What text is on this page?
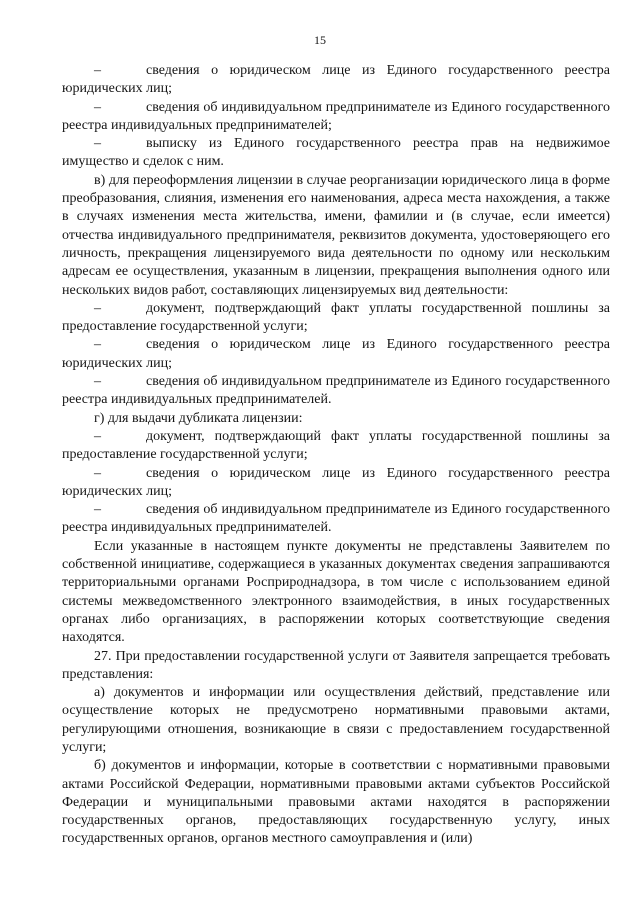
15

–	сведения о юридическом лице из Единого государственного реестра юридических лиц;

–	сведения об индивидуальном предпринимателе из Единого государственного реестра индивидуальных предпринимателей;

–	выписку из Единого государственного реестра прав на недвижимое имущество и сделок с ним.

в) для переоформления лицензии в случае реорганизации юридического лица в форме преобразования, слияния, изменения его наименования, адреса места нахождения, а также в случаях изменения места жительства, имени, фамилии и (в случае, если имеется) отчества индивидуального предпринимателя, реквизитов документа, удостоверяющего его личность, прекращения лицензируемого вида деятельности по одному или нескольким адресам ее осуществления, указанным в лицензии, прекращения выполнения одного или нескольких видов работ, составляющих лицензируемых вид деятельности:

–	документ, подтверждающий факт уплаты государственной пошлины за предоставление государственной услуги;

–	сведения о юридическом лице из Единого государственного реестра юридических лиц;

–	сведения об индивидуальном предпринимателе из Единого государственного реестра индивидуальных предпринимателей.

г) для выдачи дубликата лицензии:

–	документ, подтверждающий факт уплаты государственной пошлины за предоставление государственной услуги;

–	сведения о юридическом лице из Единого государственного реестра юридических лиц;

–	сведения об индивидуальном предпринимателе из Единого государственного реестра индивидуальных предпринимателей.

Если указанные в настоящем пункте документы не представлены Заявителем по собственной инициативе, содержащиеся в указанных документах сведения запрашиваются территориальными органами Росприроднадзора, в том числе с использованием единой системы межведомственного электронного взаимодействия, в иных государственных органах либо организациях, в распоряжении которых соответствующие сведения находятся.

27. При предоставлении государственной услуги от Заявителя запрещается требовать представления:

а) документов и информации или осуществления действий, представление или осуществление которых не предусмотрено нормативными правовыми актами, регулирующими отношения, возникающие в связи с предоставлением государственной услуги;

б) документов и информации, которые в соответствии с нормативными правовыми актами Российской Федерации, нормативными правовыми актами субъектов Российской Федерации и муниципальными правовыми актами находятся в распоряжении государственных органов, предоставляющих государственную услугу, иных государственных органов, органов местного самоуправления и (или)
